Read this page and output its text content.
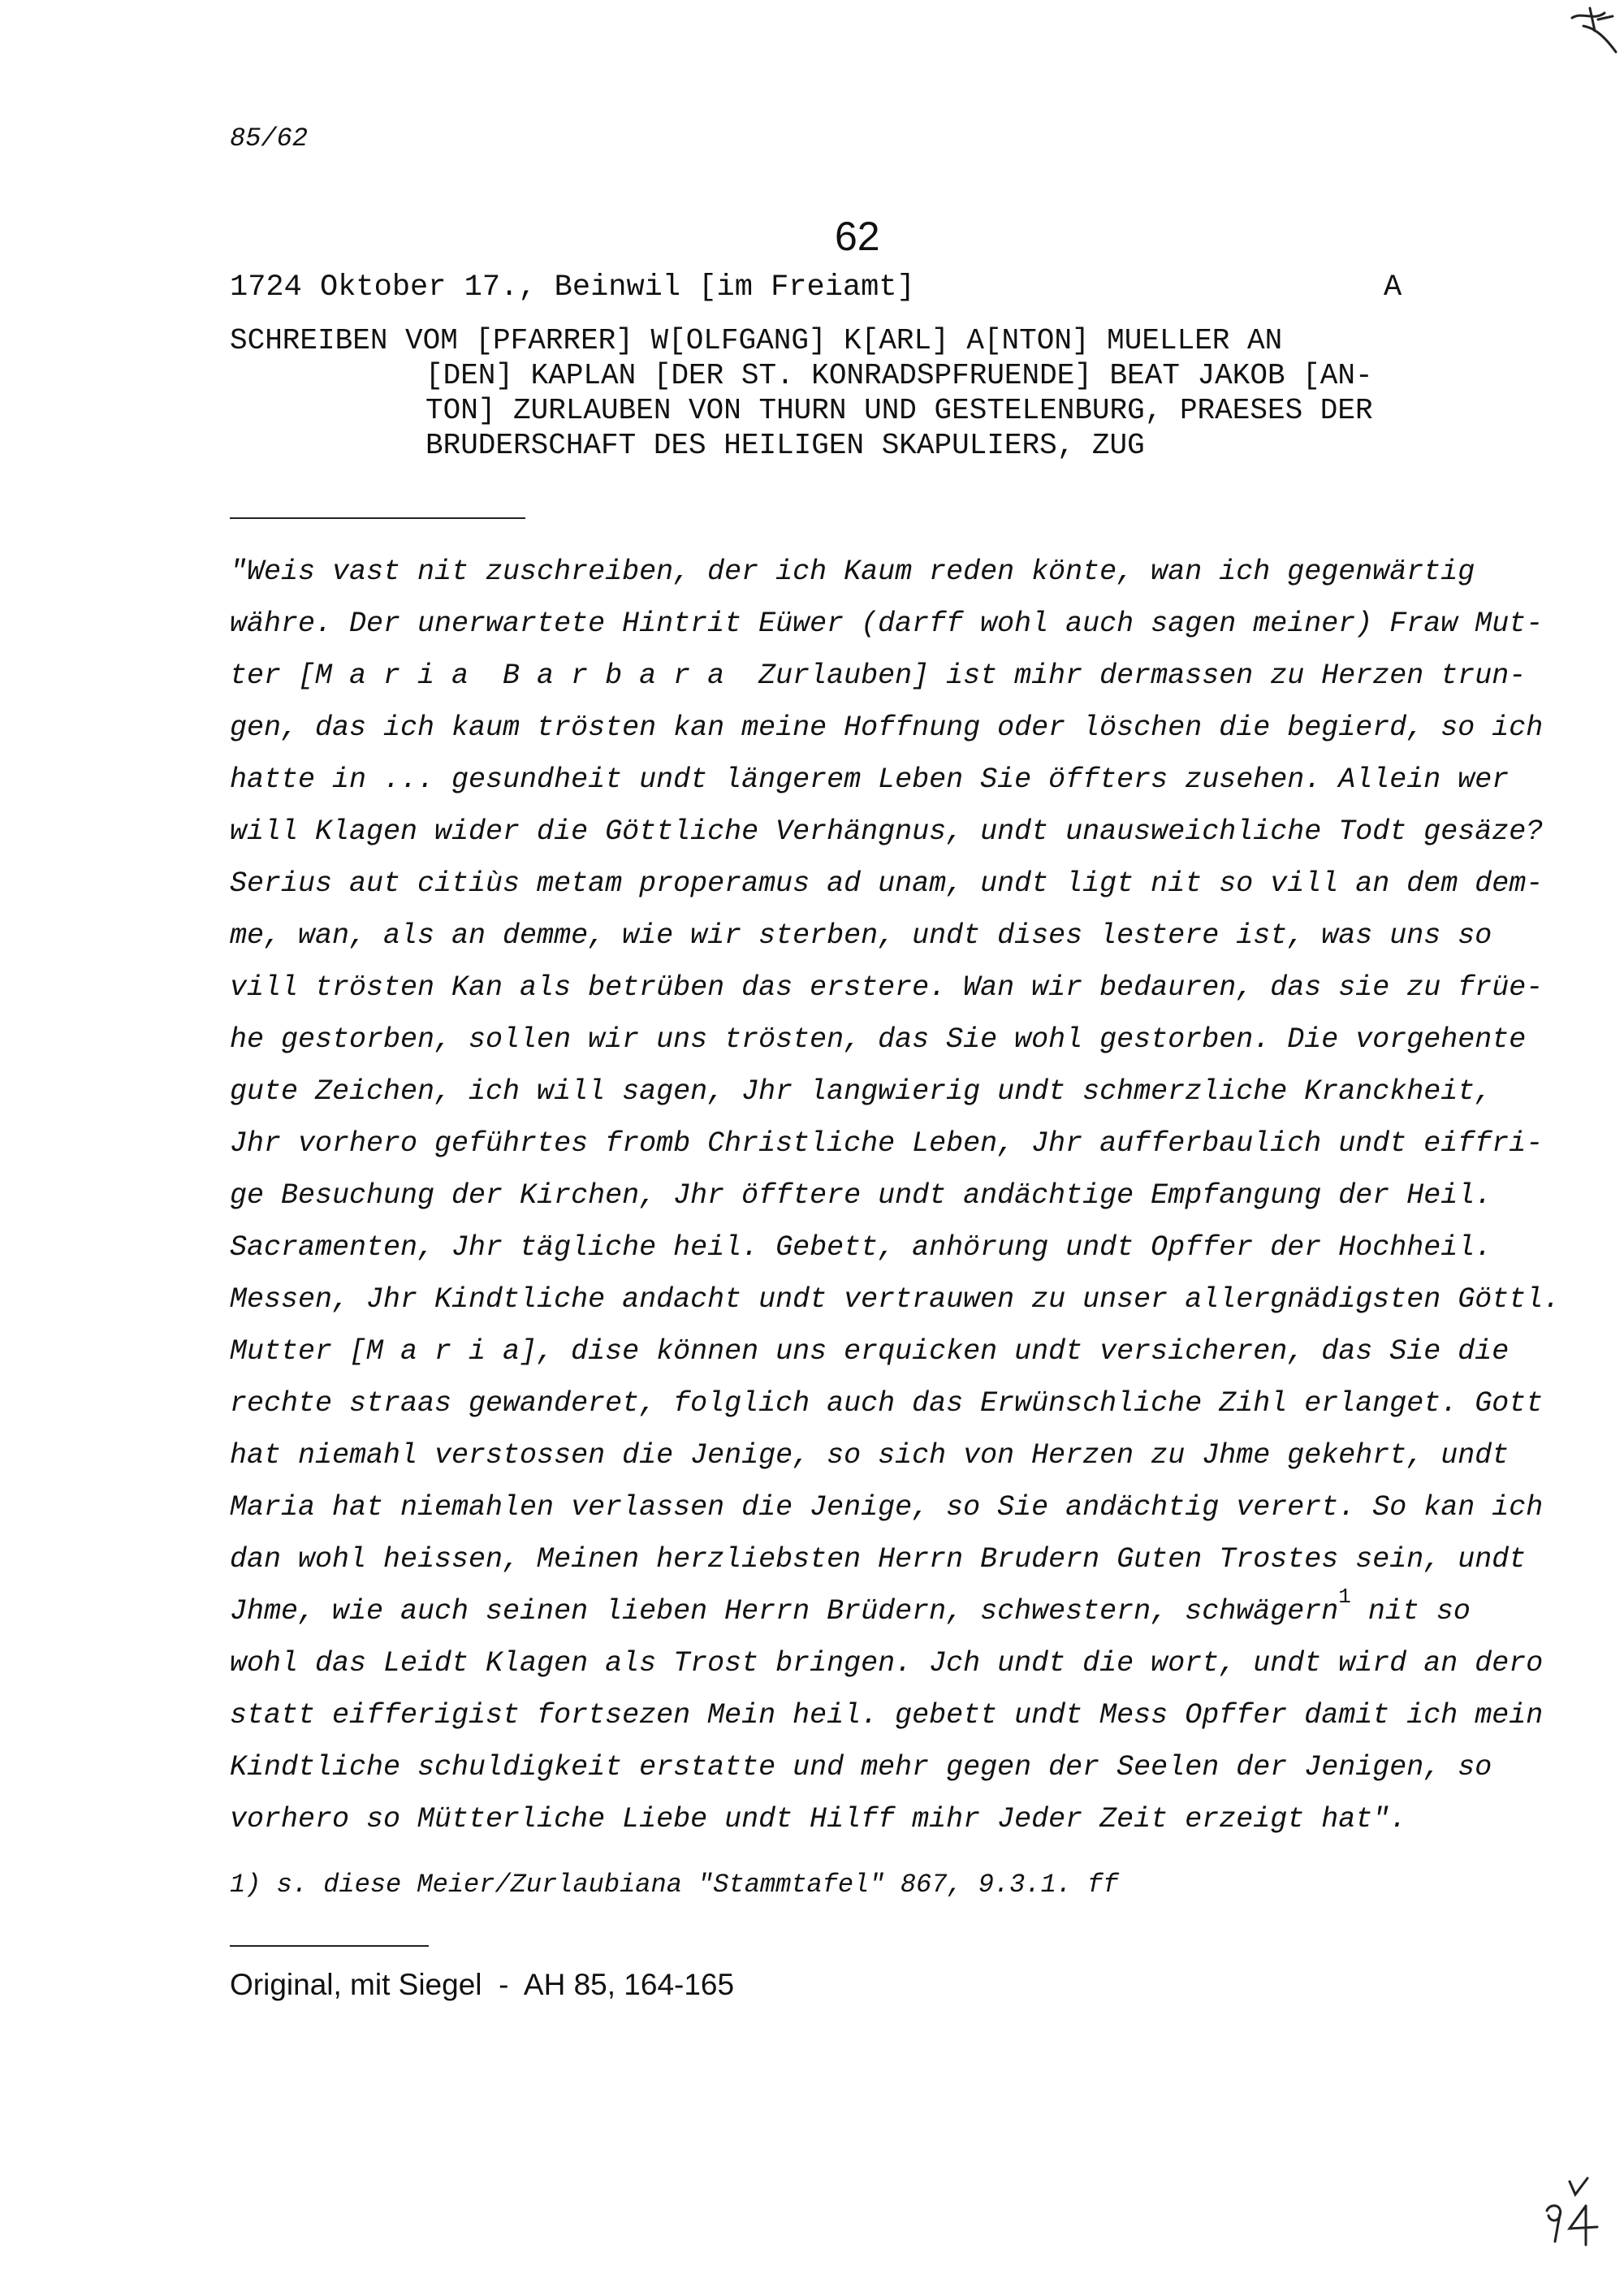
85/62
62
1724 Oktober 17., Beinwil [im Freiamt]	A
SCHREIBEN VOM [PFARRER] W[OLFGANG] K[ARL] A[NTON] MUELLER AN
[DEN] KAPLAN [DER ST. KONRADSPFRUENDE] BEAT JAKOB [AN-
TON] ZURLAUBEN VON THURN UND GESTELENBURG, PRAESES DER
BRUDERSCHAFT DES HEILIGEN SKAPULIERS, ZUG
"Weis vast nit zuschreiben, der ich Kaum reden könte, wan ich gegenwärtig
währe. Der unerwartete Hintrit Eüwer (darff wohl auch sagen meiner) Fraw Mut-
ter [M a r i a  B a r b a r a  Zurlauben] ist mihr dermassen zu Herzen trun-
gen, das ich kaum trösten kan meine Hoffnung oder löschen die begierd, so ich
hatte in ... gesundheit undt längerem Leben Sie öffters zusehen. Allein wer
will Klagen wider die Göttliche Verhängnus, undt unausweichliche Todt gesäze?
Serius aut citiùs metam properamus ad unam, undt ligt nit so vill an dem dem-
me, wan, als an demme, wie wir sterben, undt dises lestere ist, was uns so
vill trösten Kan als betrüben das erstere. Wan wir bedauren, das sie zu früe-
he gestorben, sollen wir uns trösten, das Sie wohl gestorben. Die vorgehente
gute Zeichen, ich will sagen, Jhr langwierig undt schmerzliche Kranckheit,
Jhr vorhero geführtes fromb Christliche Leben, Jhr aufferbaulich undt eiffri-
ge Besuchung der Kirchen, Jhr öfftere undt andächtige Empfangung der Heil.
Sacramenten, Jhr tägliche heil. Gebett, anhörung undt Opffer der Hochheil.
Messen, Jhr Kindtliche andacht undt vertrauwen zu unser allergnädigsten Göttl.
Mutter [M a r i a], dise können uns erquicken undt versicheren, das Sie die
rechte straas gewanderet, folglich auch das Erwünschliche Zihl erlanget. Gott
hat niemahl verstossen die Jenige, so sich von Herzen zu Jhme gekehrt, undt
Maria hat niemahlen verlassen die Jenige, so Sie andächtig verert. So kan ich
dan wohl heissen, Meinen herzliebsten Herrn Brudern Guten Trostes sein, undt
Jhme, wie auch seinen lieben Herrn Brüdern, schwestern, schwägern$^1$ nit so
wohl das Leidt Klagen als Trost bringen. Jch undt die wort, undt wird an dero
statt eifferigist fortsezen Mein heil. gebett undt Mess Opffer damit ich mein
Kindtliche schuldigkeit erstatte und mehr gegen der Seelen der Jenigen, so
vorhero so Mütterliche Liebe undt Hilff mihr Jeder Zeit erzeigt hat".
1) s. diese Meier/Zurlaubiana "Stammtafel" 867, 9.3.1. ff
Original, mit Siegel  -  AH 85, 164-165
